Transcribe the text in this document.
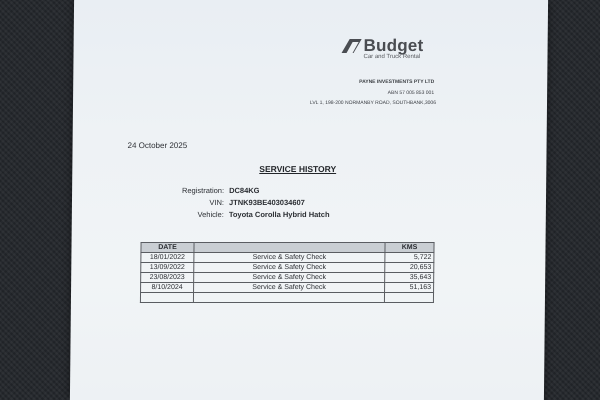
Budget
Car and Truck Rental
PAYNE INVESTMENTS PTY LTD
ABN 57 005 853 001
LVL 1, 198-200 NORMANBY ROAD, SOUTHBANK,3006
24 October 2025
SERVICE HISTORY
Registration: DC84KG
VIN: JTNK93BE403034607
Vehicle: Toyota Corolla Hybrid Hatch
DATE		KMS
18/01/2022	Service & Safety Check	5,722
13/09/2022	Service & Safety Check	20,653
23/08/2023	Service & Safety Check	35,643
8/10/2024	Service & Safety Check	51,163
